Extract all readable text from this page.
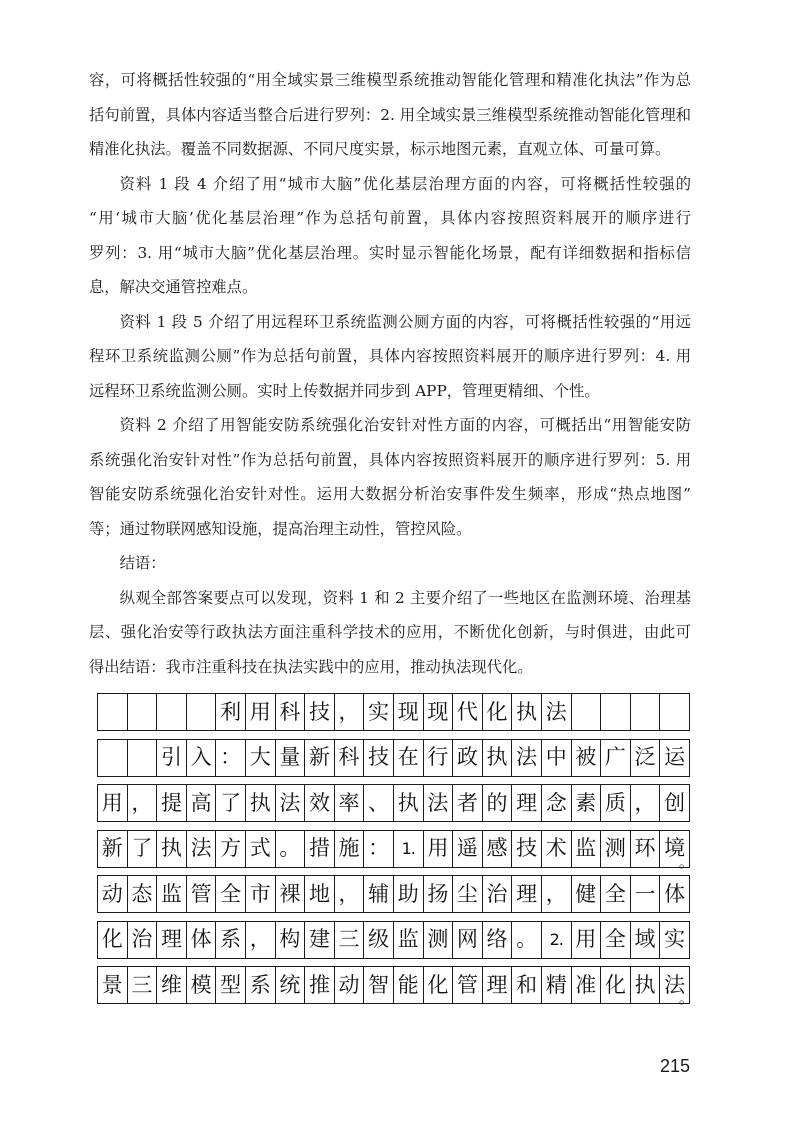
容，可将概括性较强的“用全域实景三维模型系统推动智能化管理和精准化执法”作为总
括句前置，具体内容适当整合后进行罗列：2. 用全域实景三维模型系统推动智能化管理和
精准化执法。覆盖不同数据源、不同尺度实景，标示地图元素，直观立体、可量可算。
资料 1 段 4 介绍了用“城市大脑”优化基层治理方面的内容，可将概括性较强的
“用‘城市大脑’优化基层治理”作为总括句前置，具体内容按照资料展开的顺序进行
罗列：3. 用“城市大脑”优化基层治理。实时显示智能化场景，配有详细数据和指标信
息，解决交通管控难点。
资料 1 段 5 介绍了用远程环卫系统监测公厕方面的内容，可将概括性较强的“用远
程环卫系统监测公厕”作为总括句前置，具体内容按照资料展开的顺序进行罗列：4. 用
远程环卫系统监测公厕。实时上传数据并同步到 APP，管理更精细、个性。
资料 2 介绍了用智能安防系统强化治安针对性方面的内容，可概括出“用智能安防
系统强化治安针对性”作为总括句前置，具体内容按照资料展开的顺序进行罗列：5. 用
智能安防系统强化治安针对性。运用大数据分析治安事件发生频率，形成“热点地图”
等；通过物联网感知设施，提高治理主动性，管控风险。
结语：
纵观全部答案要点可以发现，资料 1 和 2 主要介绍了一些地区在监测环境、治理基
层、强化治安等行政执法方面注重科学技术的应用，不断优化创新，与时俱进，由此可
得出结语：我市注重科技在执法实践中的应用，推动执法现代化。
利 用 科 技 ， 实 现 现 代 化 执 法
引 入 ： 大 量 新 科 技 在 行 政 执 法 中 被 广 泛 运
用 ， 提 高 了 执 法 效 率 、 执 法 者 的 理 念 素 质 ， 创
新 了 执 法 方 式 。 措 施 ： 1. 用 遥 感 技 术 监 测 环 境
。
动 态 监 管 全 市 裸 地 ， 辅 助 扬 尘 治 理 ， 健 全 一 体
化 治 理 体 系 ， 构 建 三 级 监 测 网 络 。 2. 用 全 域 实
景 三 维 模 型 系 统 推 动 智 能 化 管 理 和 精 准 化 执 法
。
215
